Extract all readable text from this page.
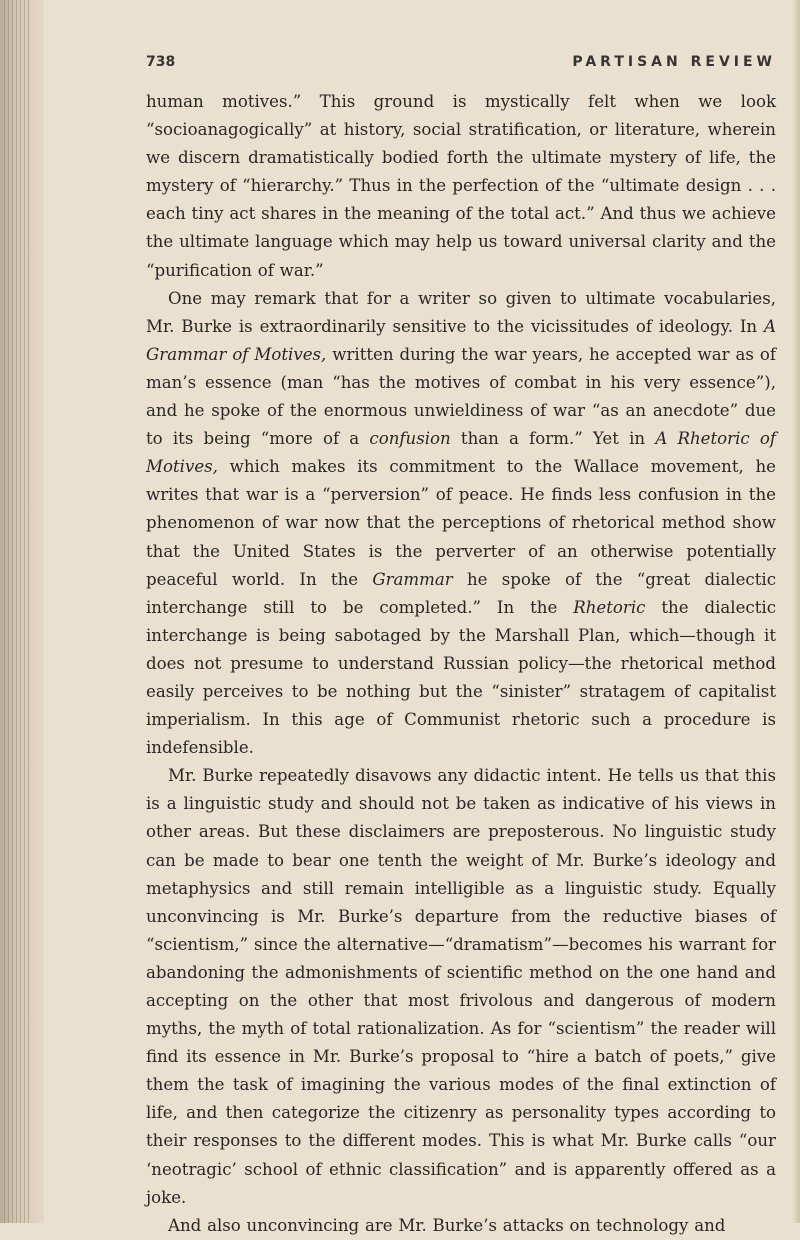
738	PARTISAN REVIEW

human motives.” This ground is mystically felt when we look “socioanagogically” at history, social stratification, or literature, wherein we discern dramatistically bodied forth the ultimate mystery of life, the mystery of “hierarchy.” Thus in the perfection of the “ultimate design . . . each tiny act shares in the meaning of the total act.” And thus we achieve the ultimate language which may help us toward universal clarity and the “purification of war.”

One may remark that for a writer so given to ultimate vocabularies, Mr. Burke is extraordinarily sensitive to the vicissitudes of ideology. In A Grammar of Motives, written during the war years, he accepted war as of man’s essence (man “has the motives of combat in his very essence”), and he spoke of the enormous unwieldiness of war “as an anecdote” due to its being “more of a confusion than a form.” Yet in A Rhetoric of Motives, which makes its commitment to the Wallace movement, he writes that war is a “perversion” of peace. He finds less confusion in the phenomenon of war now that the perceptions of rhetorical method show that the United States is the perverter of an otherwise potentially peaceful world. In the Grammar he spoke of the “great dialectic interchange still to be completed.” In the Rhetoric the dialectic interchange is being sabotaged by the Marshall Plan, which—though it does not presume to understand Russian policy—the rhetorical method easily perceives to be nothing but the “sinister” stratagem of capitalist imperialism. In this age of Communist rhetoric such a procedure is indefensible.

Mr. Burke repeatedly disavows any didactic intent. He tells us that this is a linguistic study and should not be taken as indicative of his views in other areas. But these disclaimers are preposterous. No linguistic study can be made to bear one tenth the weight of Mr. Burke’s ideology and metaphysics and still remain intelligible as a linguistic study. Equally unconvincing is Mr. Burke’s departure from the reductive biases of “scientism,” since the alternative—“dramatism”—becomes his warrant for abandoning the admonishments of scientific method on the one hand and accepting on the other that most frivolous and dangerous of modern myths, the myth of total rationalization. As for “scientism” the reader will find its essence in Mr. Burke’s proposal to “hire a batch of poets,” give them the task of imagining the various modes of the final extinction of life, and then categorize the citizenry as personality types according to their responses to the different modes. This is what Mr. Burke calls “our ‘neotragic’ school of ethnic classification” and is apparently offered as a joke.

And also unconvincing are Mr. Burke’s attacks on technology and
